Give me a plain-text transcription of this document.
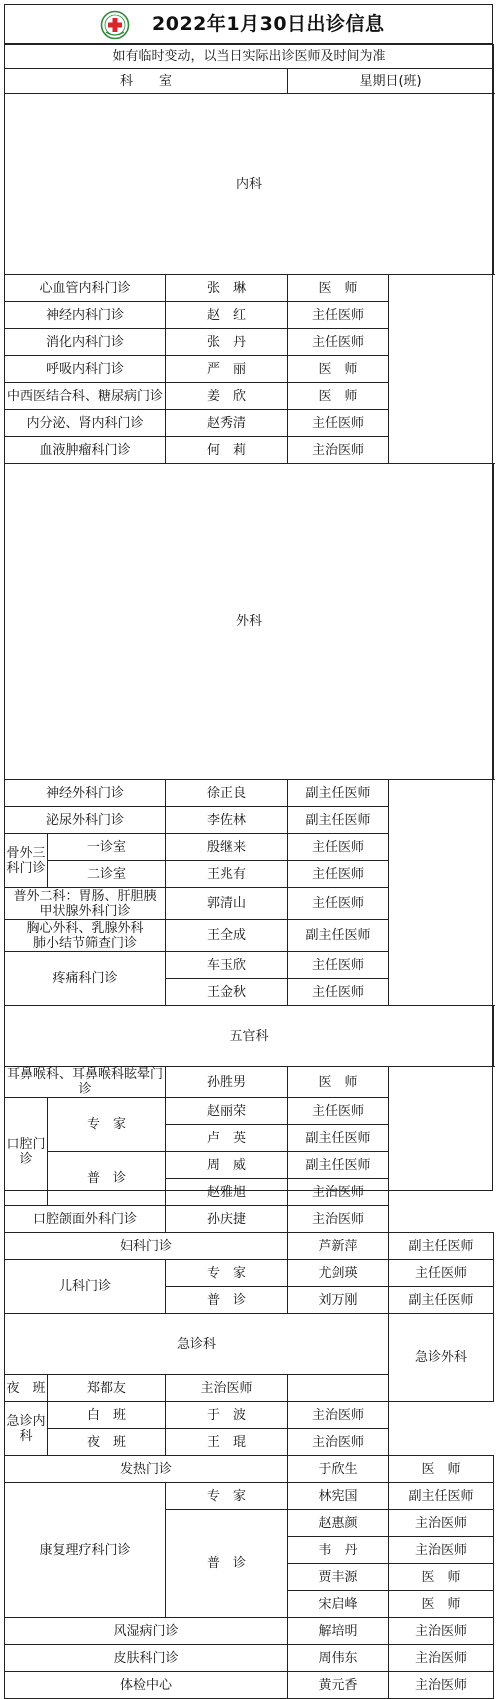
2022年1月30日出诊信息
如有临时变动，以当日实际出诊医师及时间为准					
科　　室			星期日(班)		
内科			
心血管内科门诊		张　琳	医　师		
神经内科门诊		赵　红	主任医师		
消化内科门诊		张　丹	主任医师		
呼吸内科门诊		严　丽	医　师		
中西医结合科、糖尿病门诊		姜　欣	医　师		
内分泌、肾内科门诊		赵秀清	主任医师		
血液肿瘤科门诊		何　莉	主治医师		
外科	

神经外科门诊		徐正良	副主任医师		
泌尿外科门诊		李佐林	副主任医师		
骨外三科门诊	一诊室	殷继来	主任医师		
	二诊室	王兆有	主任医师		
普外二科：胃肠、肝胆胰
甲状腺外科门诊		郭清山	主任医师		
胸心外科、乳腺外科
肺小结节筛查门诊		王全成	副主任医师		
疼痛科门诊		车玉欣	主任医师		
		王金秋	主任医师		
五官科			
耳鼻喉科、耳鼻喉科眩晕门诊		孙胜男	医　师		
口腔门诊	专　家	赵丽荣	主任医师		
		卢　英	副主任医师		
	普　诊	周　威	副主任医师		
		赵雅旭	主治医师		
口腔颌面外科门诊		孙庆捷	主治医师		
妇科门诊			芦新萍	副主任医师	
儿科门诊		专　家	尤剑瑛	主任医师	
		普　诊	刘万刚	副主任医师	
急诊科				急诊外科			
夜　班	郑都友	主治医师			
急诊内科	白　班	于　波	主治医师		
	夜　班	王　琨	主治医师		
发热门诊			于欣生	医　师	
康复理疗科门诊		专　家	林宪国	副主任医师	
		普　诊	赵惠颜	主治医师	
			韦　丹	主治医师	
			贾丰源	医　师	
			宋启峰	医　师	
风湿病门诊			解培明	主治医师	
皮肤科门诊			周伟东	主治医师	
体检中心			黄元香	主治医师	
